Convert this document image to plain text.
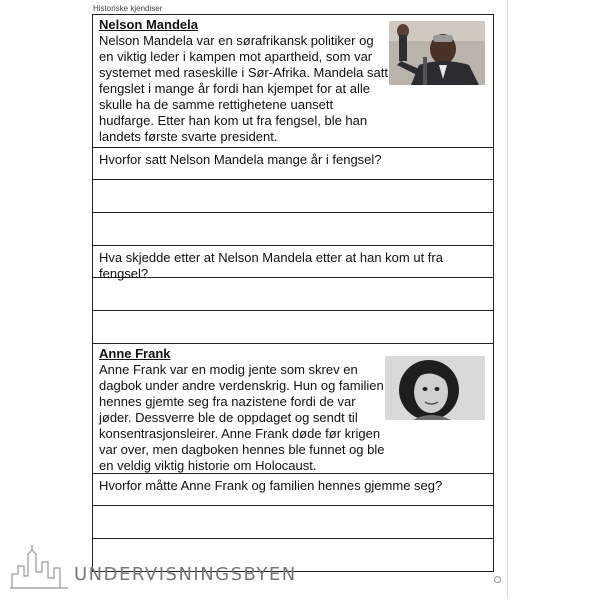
Historiske kjendiser
Nelson Mandela
Nelson Mandela var en sørafrikansk politiker og en viktig leder i kampen mot apartheid, som var systemet med raseskille i Sør-Afrika. Mandela satt fengslet i mange år fordi han kjempet for at alle skulle ha de samme rettighetene uansett hudfarge. Etter han kom ut fra fengsel, ble han landets første svarte president.
Hvorfor satt Nelson Mandela mange år i fengsel?
Hva skjedde etter at Nelson Mandela etter at han kom ut fra fengsel?
Anne Frank
Anne Frank var en modig jente som skrev en dagbok under andre verdenskrig. Hun og familien hennes gjemte seg fra nazistene fordi de var jøder. Dessverre ble de oppdaget og sendt til konsentrasjonsleirer. Anne Frank døde før krigen var over, men dagboken hennes ble funnet og ble en veldig viktig historie om Holocaust.
Hvorfor måtte Anne Frank og familien hennes gjemme seg?
UNDERVISNINGSBYEN
